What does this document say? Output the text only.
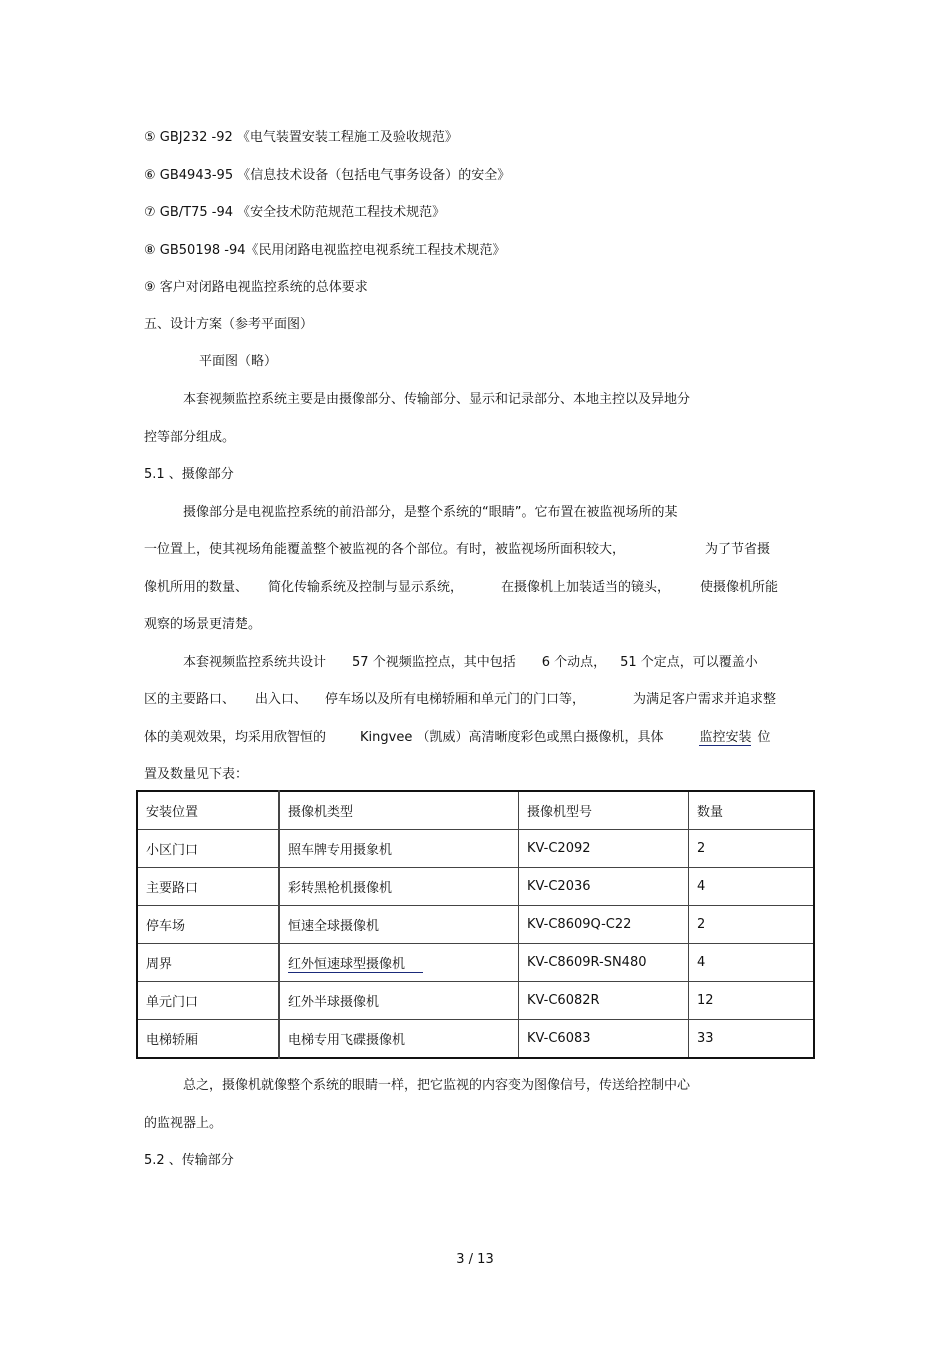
⑤ GBJ232 -92 《电气装置安装工程施工及验收规范》
⑥ GB4943-95 《信息技术设备（包括电气事务设备）的安全》
⑦ GB/T75 -94 《安全技术防范规范工程技术规范》
⑧ GB50198 -94《民用闭路电视监控电视系统工程技术规范》
⑨ 客户对闭路电视监控系统的总体要求
五、设计方案（参考平面图）
平面图（略）
本套视频监控系统主要是由摄像部分、传输部分、显示和记录部分、本地主控以及异地分
控等部分组成。
5.1 、摄像部分
摄像部分是电视监控系统的前沿部分，是整个系统的“眼睛”。它布置在被监视场所的某
一位置上，使其视场角能覆盖整个被监视的各个部位。有时，被监视场所面积较大，	为了节省摄
像机所用的数量、 简化传输系统及控制与显示系统，	在摄像机上加装适当的镜头， 使摄像机所能
观察的场景更清楚。
本套视频监控系统共设计 57 个视频监控点，其中包括 6 个动点， 51 个定点，可以覆盖小
区的主要路口、 出入口、 停车场以及所有电梯轿厢和单元门的门口等，	为满足客户需求并追求整
体的美观效果，均采用欣智恒的	Kingvee （凯威）高清晰度彩色或黑白摄像机，具体	监控安装 位
置及数量见下表：
安装位置	摄像机类型	摄像机型号	数量
小区门口	照车牌专用摄象机	KV-C2092	2
主要路口	彩转黑枪机摄像机	KV-C2036	4
停车场	恒速全球摄像机	KV-C8609Q-C22	2
周界	红外恒速球型摄像机	KV-C8609R-SN480	4
单元门口	红外半球摄像机	KV-C6082R	12
电梯轿厢	电梯专用飞碟摄像机	KV-C6083	33
总之，摄像机就像整个系统的眼睛一样，把它监视的内容变为图像信号，传送给控制中心
的监视器上。
5.2 、传输部分
3 / 13
